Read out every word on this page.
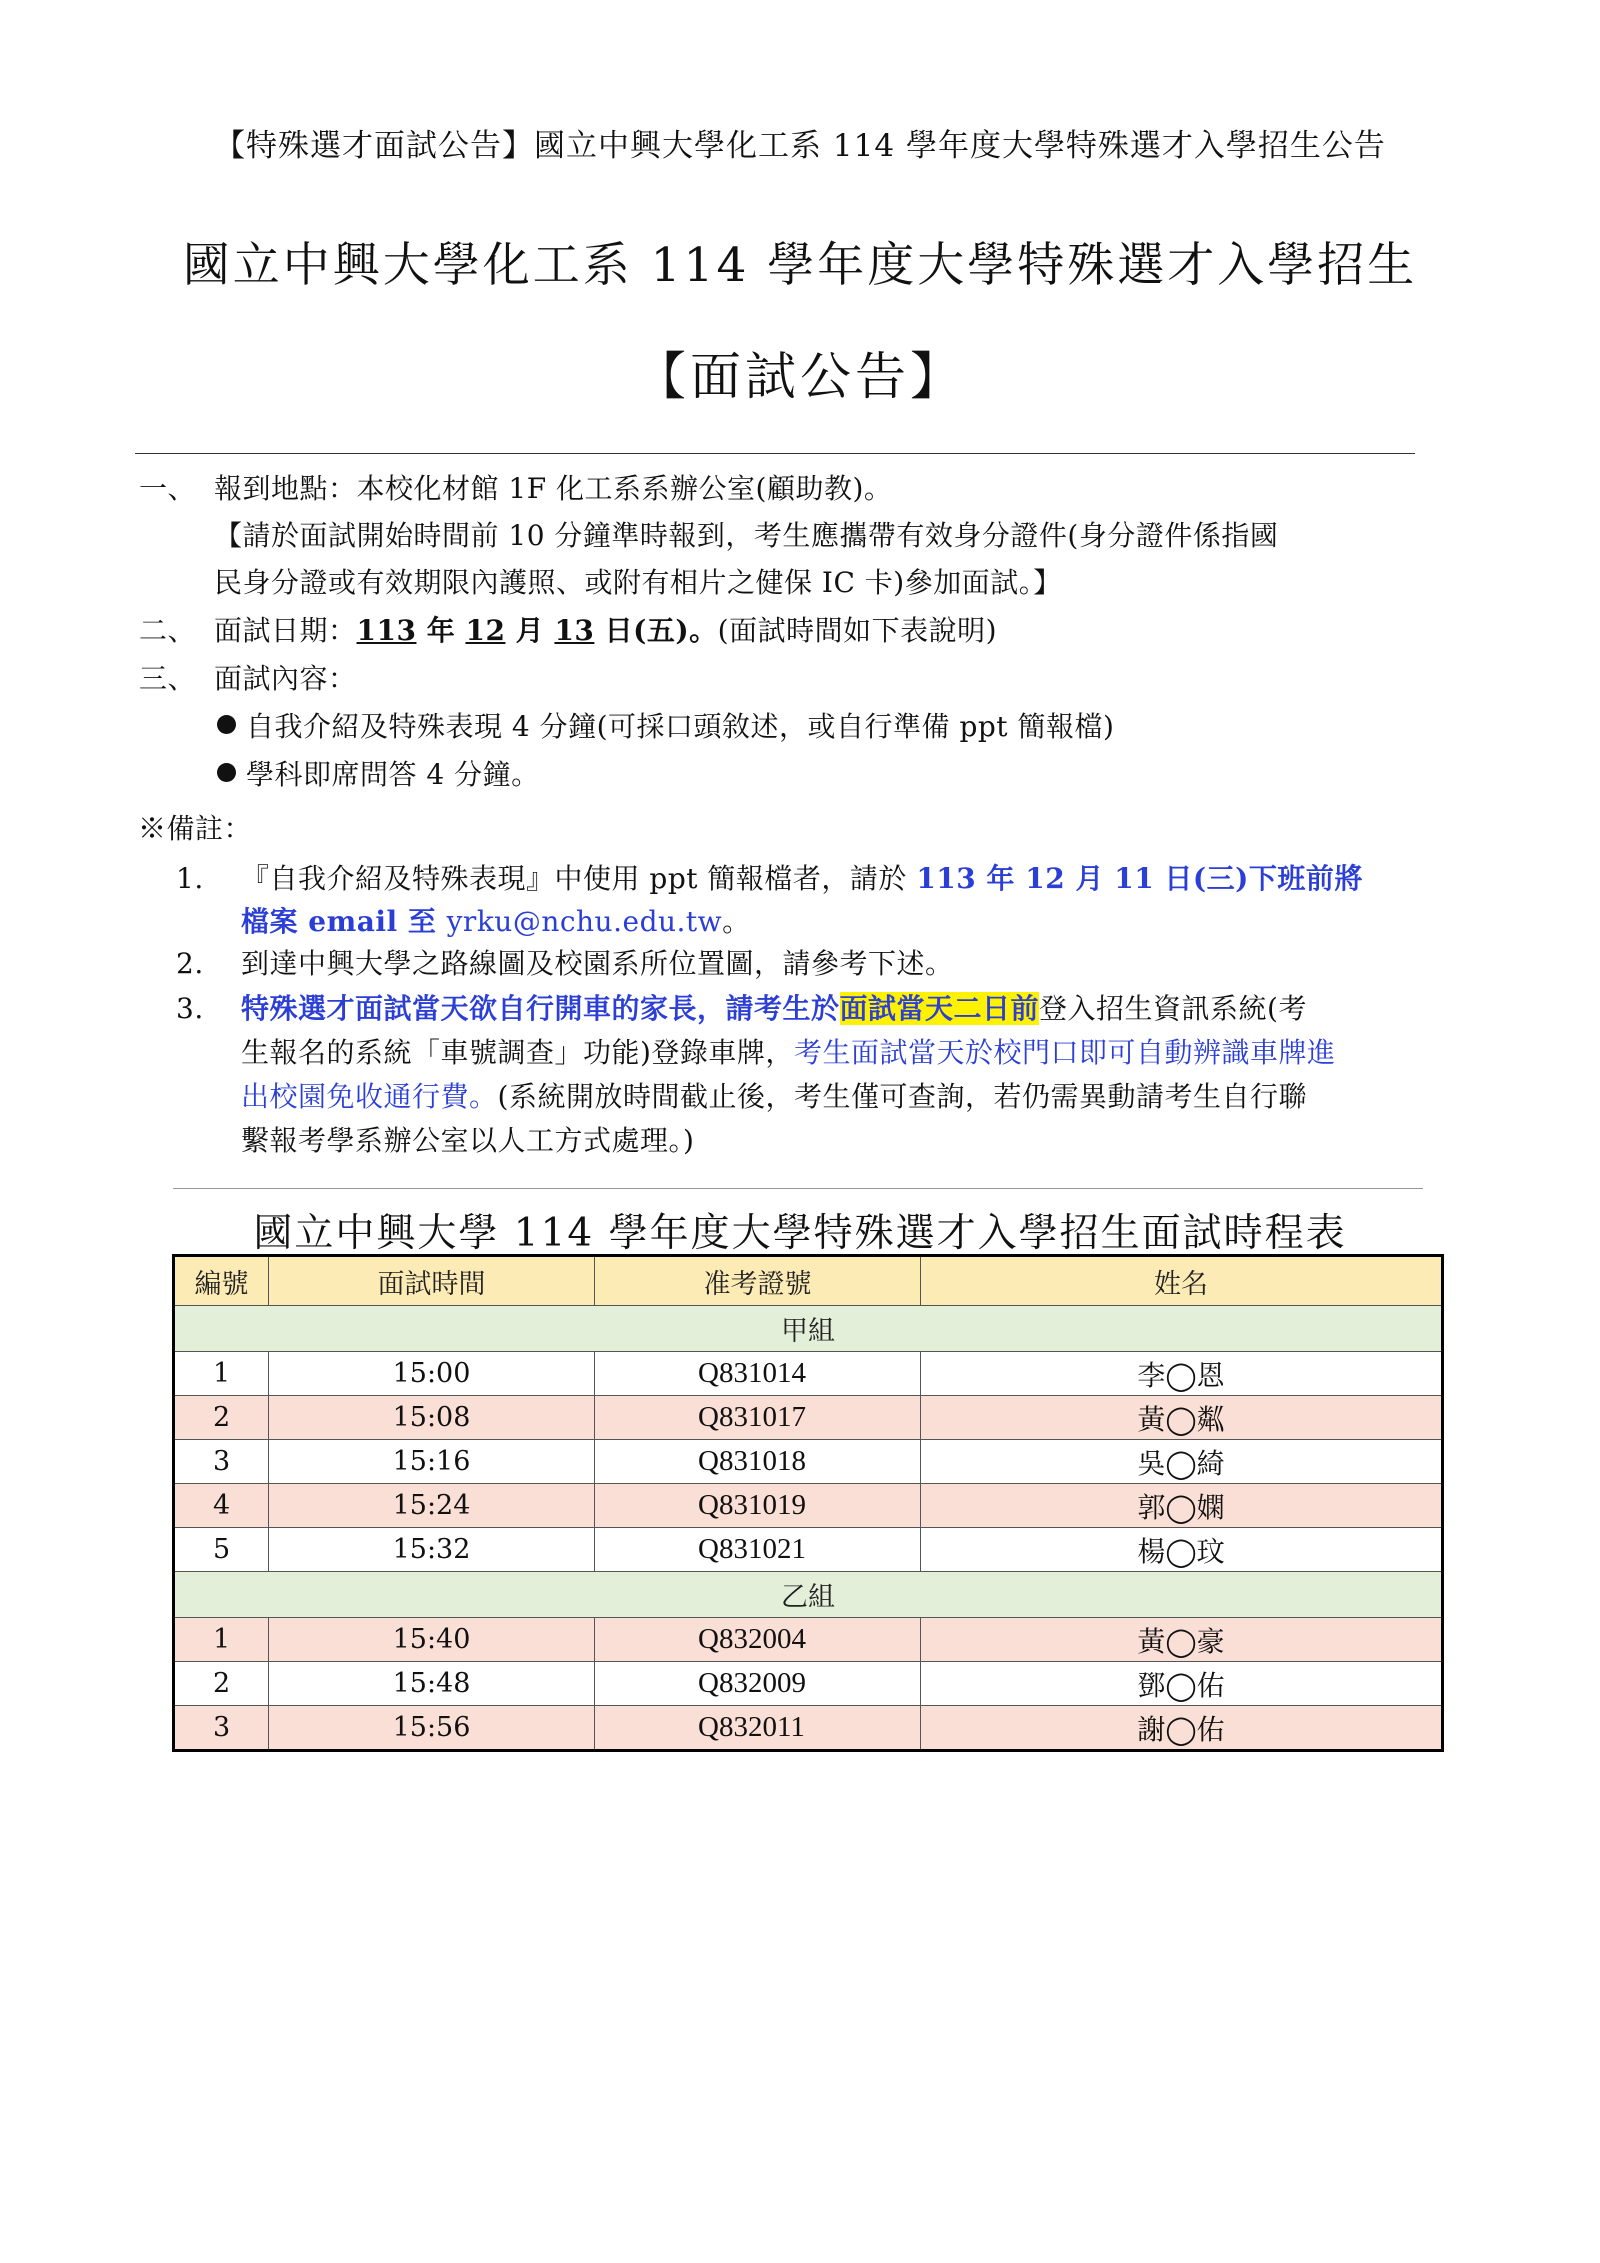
【特殊選才面試公告】國立中興大學化工系 114 學年度大學特殊選才入學招生公告
國立中興大學化工系 114 學年度大學特殊選才入學招生
【面試公告】
一、 報到地點：本校化材館 1F 化工系系辦公室(顧助教)。
【請於面試開始時間前 10 分鐘準時報到，考生應攜帶有效身分證件(身分證件係指國
民身分證或有效期限內護照、或附有相片之健保 IC 卡)參加面試。】
二、 面試日期：113 年 12 月 13 日(五)。(面試時間如下表說明)
三、 面試內容：
自我介紹及特殊表現 4 分鐘(可採口頭敘述，或自行準備 ppt 簡報檔)
學科即席問答 4 分鐘。
※備註：
1. 『自我介紹及特殊表現』中使用 ppt 簡報檔者，請於 113 年 12 月 11 日(三)下班前將
檔案 email 至 yrku@nchu.edu.tw。
2. 到達中興大學之路線圖及校園系所位置圖，請參考下述。
3. 特殊選才面試當天欲自行開車的家長，請考生於面試當天二日前登入招生資訊系統(考
生報名的系統「車號調查」功能)登錄車牌，考生面試當天於校門口即可自動辨識車牌進
出校園免收通行費。(系統開放時間截止後，考生僅可查詢，若仍需異動請考生自行聯
繫報考學系辦公室以人工方式處理。)
國立中興大學 114 學年度大學特殊選才入學招生面試時程表
編號	面試時間	准考證號	姓名
甲組			
1	15:00	Q831014	李◯恩
2	15:08	Q831017	黃◯粼
3	15:16	Q831018	吳◯綺
4	15:24	Q831019	郭◯嫻
5	15:32	Q831021	楊◯玟
乙組			
1	15:40	Q832004	黃◯豪
2	15:48	Q832009	鄧◯佑
3	15:56	Q832011	謝◯佑
